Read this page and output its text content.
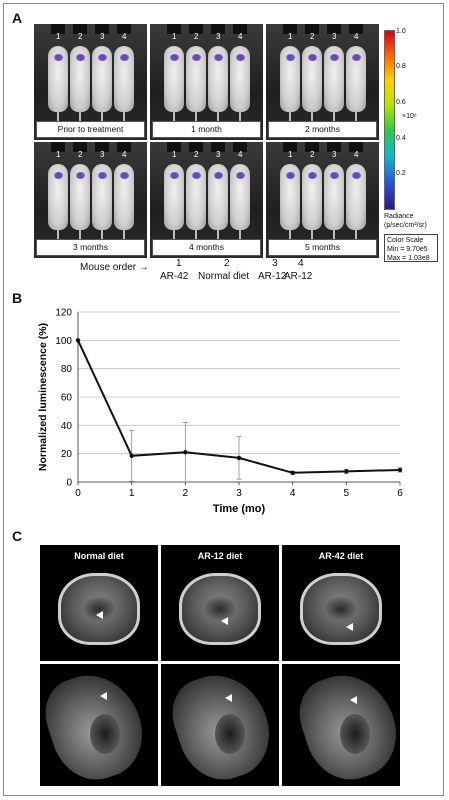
A
B
C
1 2 3 4
Prior to treatment
1 2 3 4
1 month
1 2 3 4
2 months
1 2 3 4
3 months
1 2 3 4
4 months
1 2 3 4
5 months
1.0
0.8
0.6
0.4
0.2
×10⁶
Radiance
(p/sec/cm²/sr)
Color Scale
Min = 9.70e5
Max = 1.03e8
Mouse order →	1
AR-42
2
Normal diet
3
AR-12
4
AR-12
0
20
40
60
80
100
120
0	1	2	3	4	5	6
Time (mo)
Normalized luminescence (%)
Normal diet	AR-12 diet	AR-42 diet
